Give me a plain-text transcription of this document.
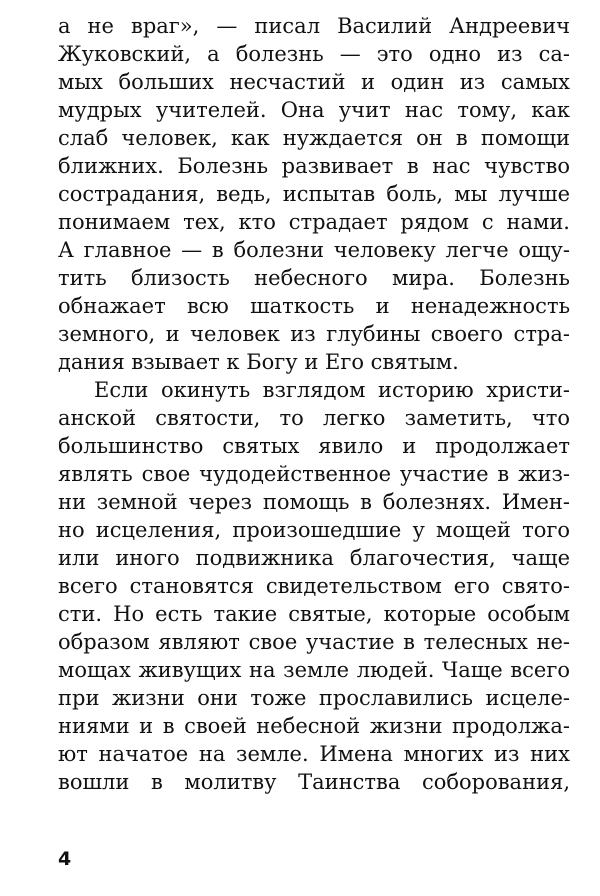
а не враг», — писал Василий Андреевич
Жуковский, а болезнь — это одно из са-
мых больших несчастий и один из самых
мудрых учителей. Она учит нас тому, как
слаб человек, как нуждается он в помощи
ближних. Болезнь развивает в нас чувство
сострадания, ведь, испытав боль, мы лучше
понимаем тех, кто страдает рядом с нами.
А главное — в болезни человеку легче ощу-
тить близость небесного мира. Болезнь
обнажает всю шаткость и ненадежность
земного, и человек из глубины своего стра-
дания взывает к Богу и Его святым.
Если окинуть взглядом историю христи-
анской святости, то легко заметить, что
большинство святых явило и продолжает
являть свое чудодейственное участие в жиз-
ни земной через помощь в болезнях. Имен-
но исцеления, произошедшие у мощей того
или иного подвижника благочестия, чаще
всего становятся свидетельством его свято-
сти. Но есть такие святые, которые особым
образом являют свое участие в телесных не-
мощах живущих на земле людей. Чаще всего
при жизни они тоже прославились исцеле-
ниями и в своей небесной жизни продолжа-
ют начатое на земле. Имена многих из них
вошли в молитву Таинства соборования,
4
